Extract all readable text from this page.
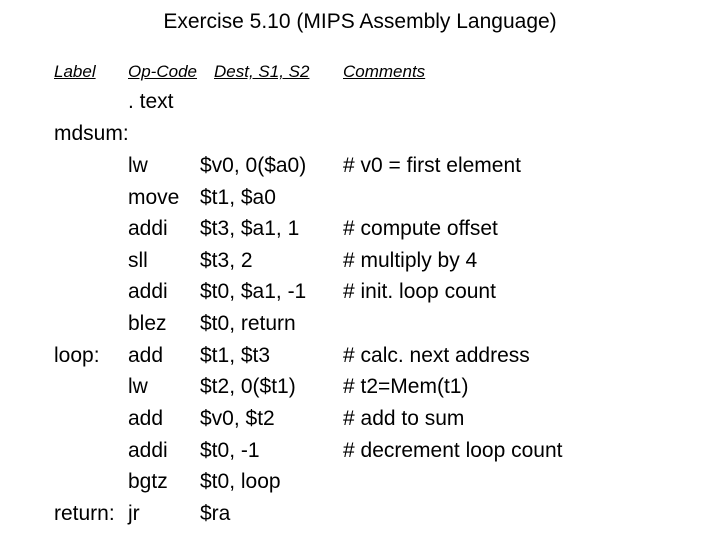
Exercise 5.10 (MIPS Assembly Language)
Label Op-Code Dest, S1, S2 Comments
. text
mdsum:
lw $v0, 0($a0) # v0 = first element
move $t1, $a0
addi $t3, $a1, 1 # compute offset
sll $t3, 2	# multiply by 4
addi $t0, $a1, -1 # init. loop count
blez $t0, return
loop: add $t1, $t3	# calc. next address
lw $t2, 0($t1) # t2=Mem(t1)
add $v0, $t2	# add to sum
addi $t0, -1	# decrement loop count
bgtz $t0, loop
return: jr	$ra
